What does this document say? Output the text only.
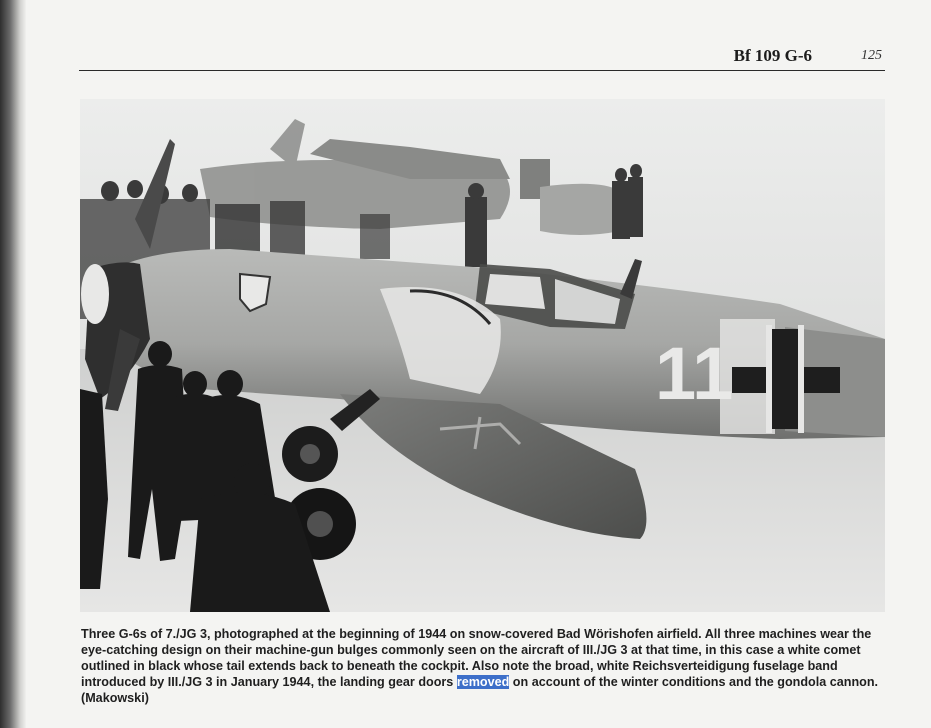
Bf 109 G-6	125
11

Three G-6s of 7./JG 3, photographed at the beginning of 1944 on snow-covered Bad Wörishofen airfield. All three machines wear the eye-catching design on their machine-gun bulges commonly seen on the aircraft of III./JG 3 at that time, in this case a white comet outlined in black whose tail extends back to beneath the cockpit. Also note the broad, white Reichsverteidigung fuselage band introduced by III./JG 3 in January 1944, the landing gear doors removed on account of the winter conditions and the gondola cannon. (Makowski)
